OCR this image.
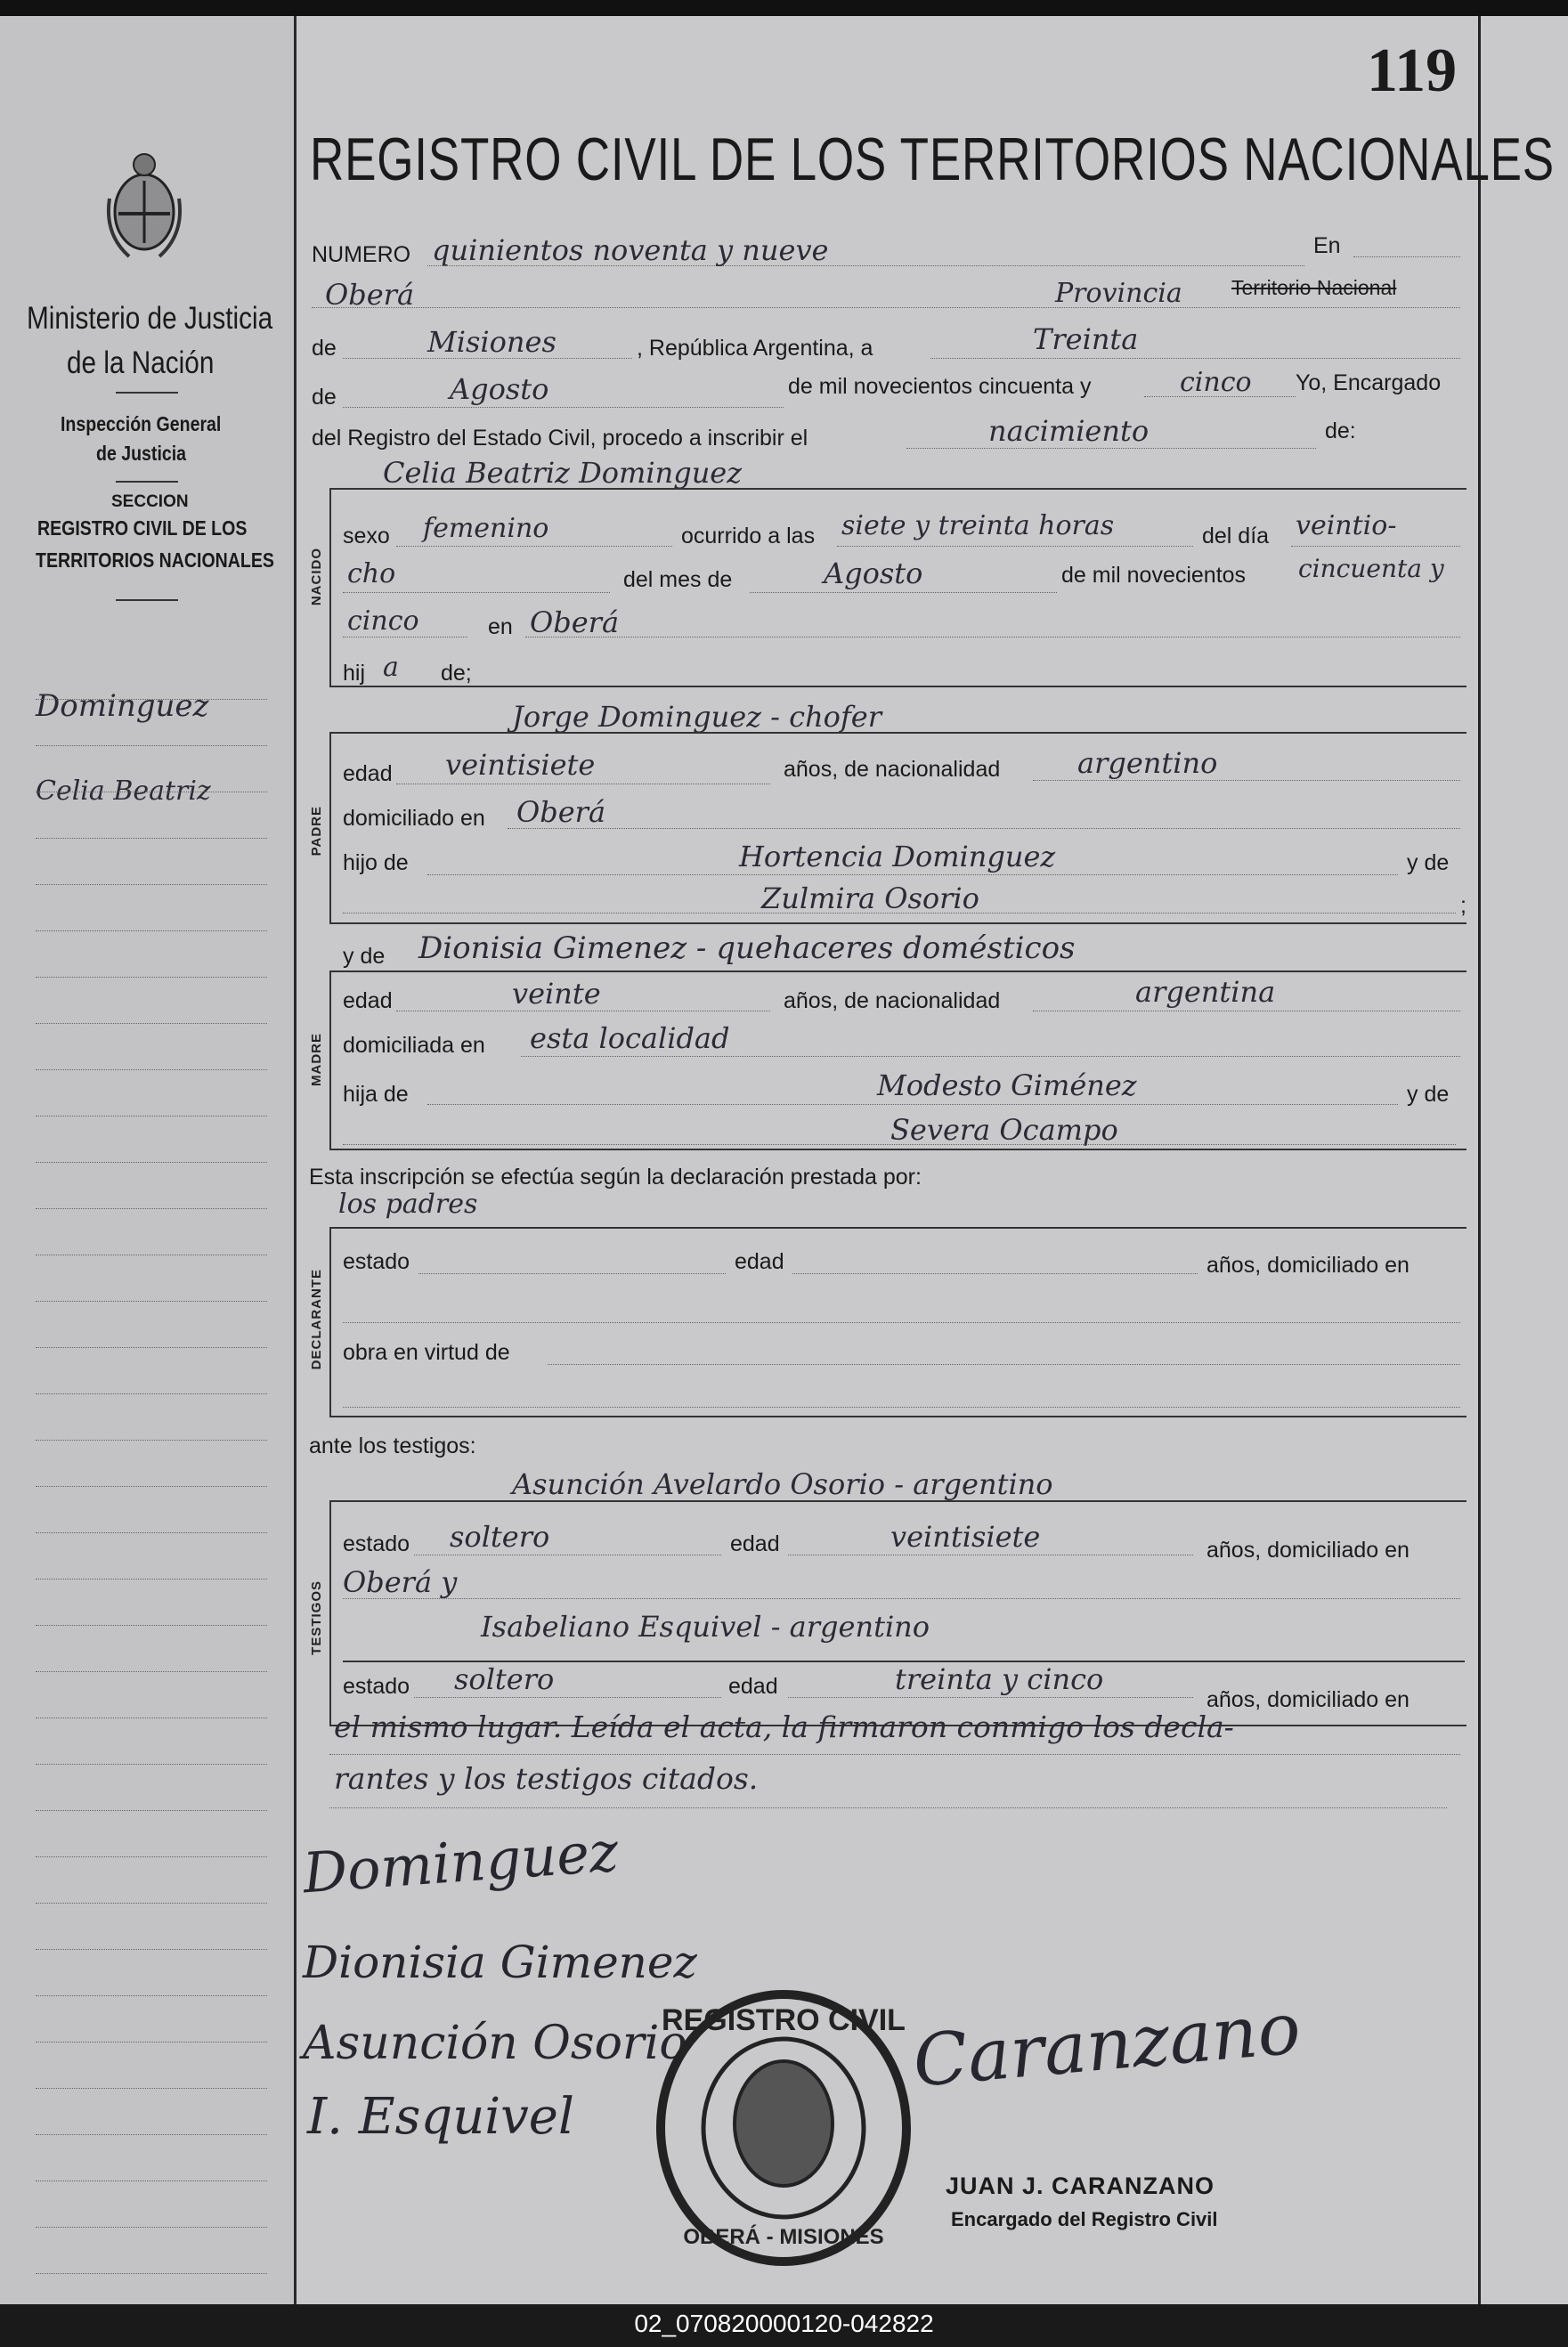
Ministerio de Justicia
de la Nación
Inspección General
de Justicia
SECCION
REGISTRO CIVIL DE LOS
TERRITORIOS NACIONALES
Dominguez
Celia Beatriz
119
REGISTRO CIVIL DE LOS TERRITORIOS NACIONALES
NUMERO quinientos noventa y nueve	En
Oberá	Provincia Territorio Nacional
de	Misiones	, República Argentina, a	Treinta
de	Agosto	de mil novecientos cincuenta y	cinco Yo, Encargado
del Registro del Estado Civil, procedo a inscribir el	nacimiento	de:
NACIDO
Celia Beatriz Dominguez
sexo femenino	ocurrido a las siete y treinta horas	del día veintio-
cho	del mes de	Agosto	de mil novecientos cincuenta y
cinco	en Oberá
hij a de;
PADRE
Jorge Dominguez - chofer
edad veintisiete	años, de nacionalidad	argentino
domiciliado en Oberá
hijo de	Hortencia Dominguez	y de
Zulmira Osorio	;
MADRE
y de Dionisia Gimenez - quehaceres domésticos
edad	veinte	años, de nacionalidad	argentina
domiciliada en esta localidad
hija de	Modesto Giménez	y de
Severa Ocampo
Esta inscripción se efectúa según la declaración prestada por:
los padres
DECLARANTE
estado	edad	años, domiciliado en
obra en virtud de
ante los testigos:
TESTIGOS
Asunción Avelardo Osorio - argentino
estado soltero	edad	veintisiete	años, domiciliado en
Oberá y
Isabeliano Esquivel - argentino
estado soltero	edad	treinta y cinco
años, domiciliado en
el mismo lugar. Leída el acta, la firmaron conmigo los decla-
rantes y los testigos citados.
Dominguez
Dionisia Gimenez
Asunción Osorio
I. Esquivel
Caranzano
REGISTRO CIVIL
OBERÁ - MISIONES
JUAN J. CARANZANO
Encargado del Registro Civil
02_070820000120-042822
